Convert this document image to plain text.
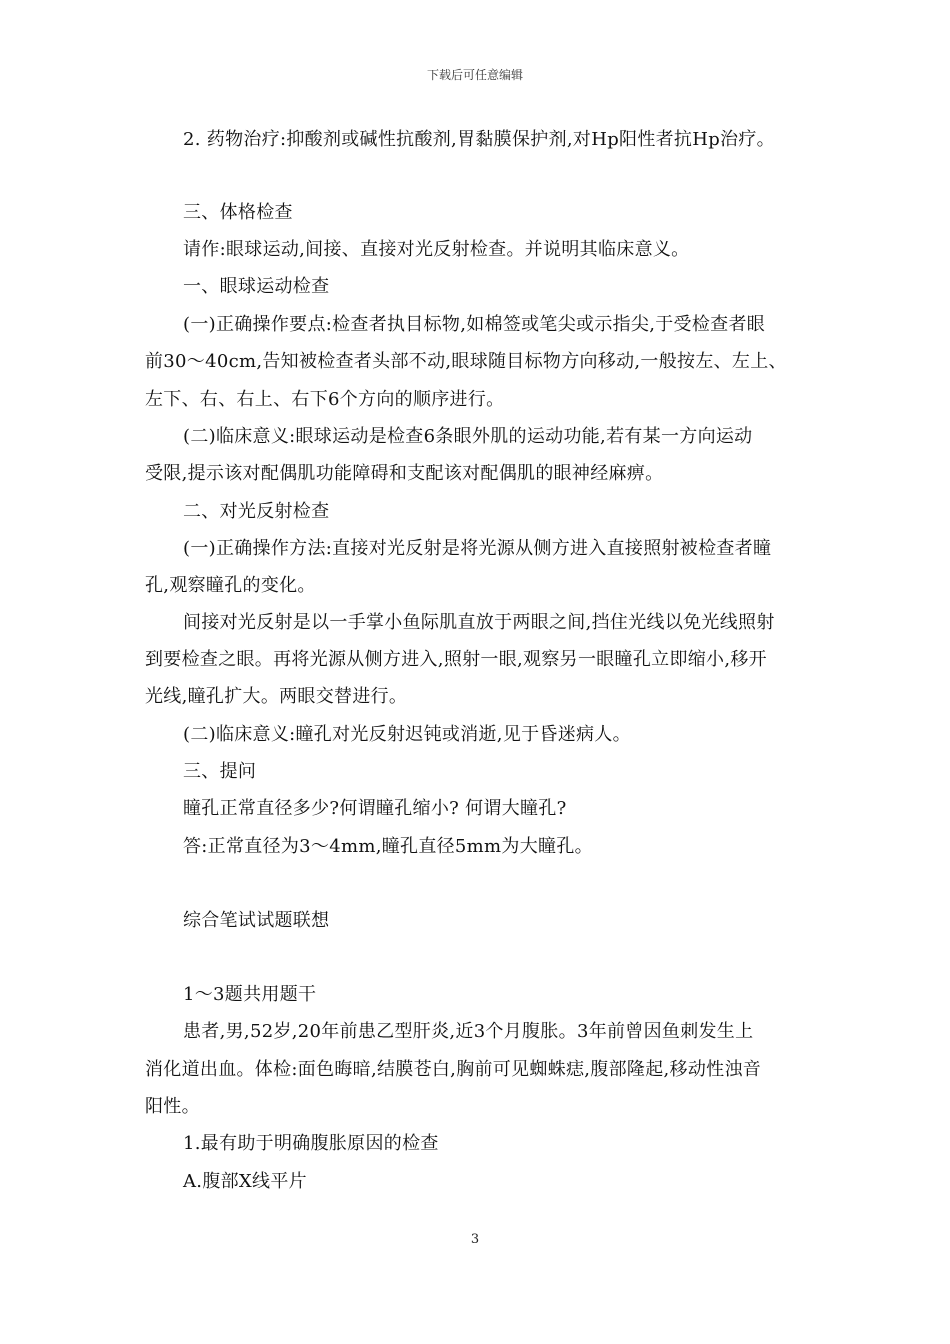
下载后可任意编辑
2. 药物治疗:抑酸剂或碱性抗酸剂,胃黏膜保护剂,对Hp阳性者抗Hp治疗。
三、体格检查
请作:眼球运动,间接、直接对光反射检查。并说明其临床意义。
一、眼球运动检查
(一)正确操作要点:检查者执目标物,如棉签或笔尖或示指尖,于受检查者眼
前30～40cm,告知被检查者头部不动,眼球随目标物方向移动,一般按左、左上、
左下、右、右上、右下6个方向的顺序进行。
(二)临床意义:眼球运动是检查6条眼外肌的运动功能,若有某一方向运动
受限,提示该对配偶肌功能障碍和支配该对配偶肌的眼神经麻痹。
二、对光反射检查
(一)正确操作方法:直接对光反射是将光源从侧方进入直接照射被检查者瞳
孔,观察瞳孔的变化。
间接对光反射是以一手掌小鱼际肌直放于两眼之间,挡住光线以免光线照射
到要检查之眼。再将光源从侧方进入,照射一眼,观察另一眼瞳孔立即缩小,移开
光线,瞳孔扩大。两眼交替进行。
(二)临床意义:瞳孔对光反射迟钝或消逝,见于昏迷病人。
三、提问
瞳孔正常直径多少?何谓瞳孔缩小? 何谓大瞳孔?
答:正常直径为3～4mm,瞳孔直径5mm为大瞳孔。
综合笔试试题联想
1～3题共用题干
患者,男,52岁,20年前患乙型肝炎,近3个月腹胀。3年前曾因鱼刺发生上
消化道出血。体检:面色晦暗,结膜苍白,胸前可见蜘蛛痣,腹部隆起,移动性浊音
阳性。
1.最有助于明确腹胀原因的检查
A.腹部X线平片
3
